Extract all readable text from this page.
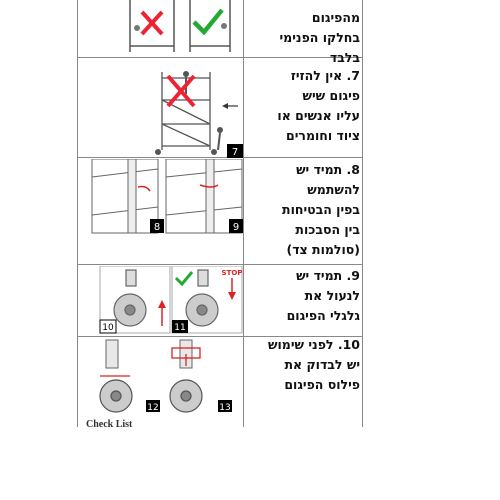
מהפיגום
בחלקו הפנימי
בלבד
7. אין להזיז
פיגום שיש
עליו אנשים או
ציוד וחומרים
8. תמיד יש
להשתמש
בפין הבטיחות
בין הסבכות
(סולמות צד)
9. תמיד יש
לנעול את
גלגלי הפיגום
10. לפני שימוש
יש לבדוק את
פילוס הפיגום
7
8	9
STOP
10	11
12	13
Check List
